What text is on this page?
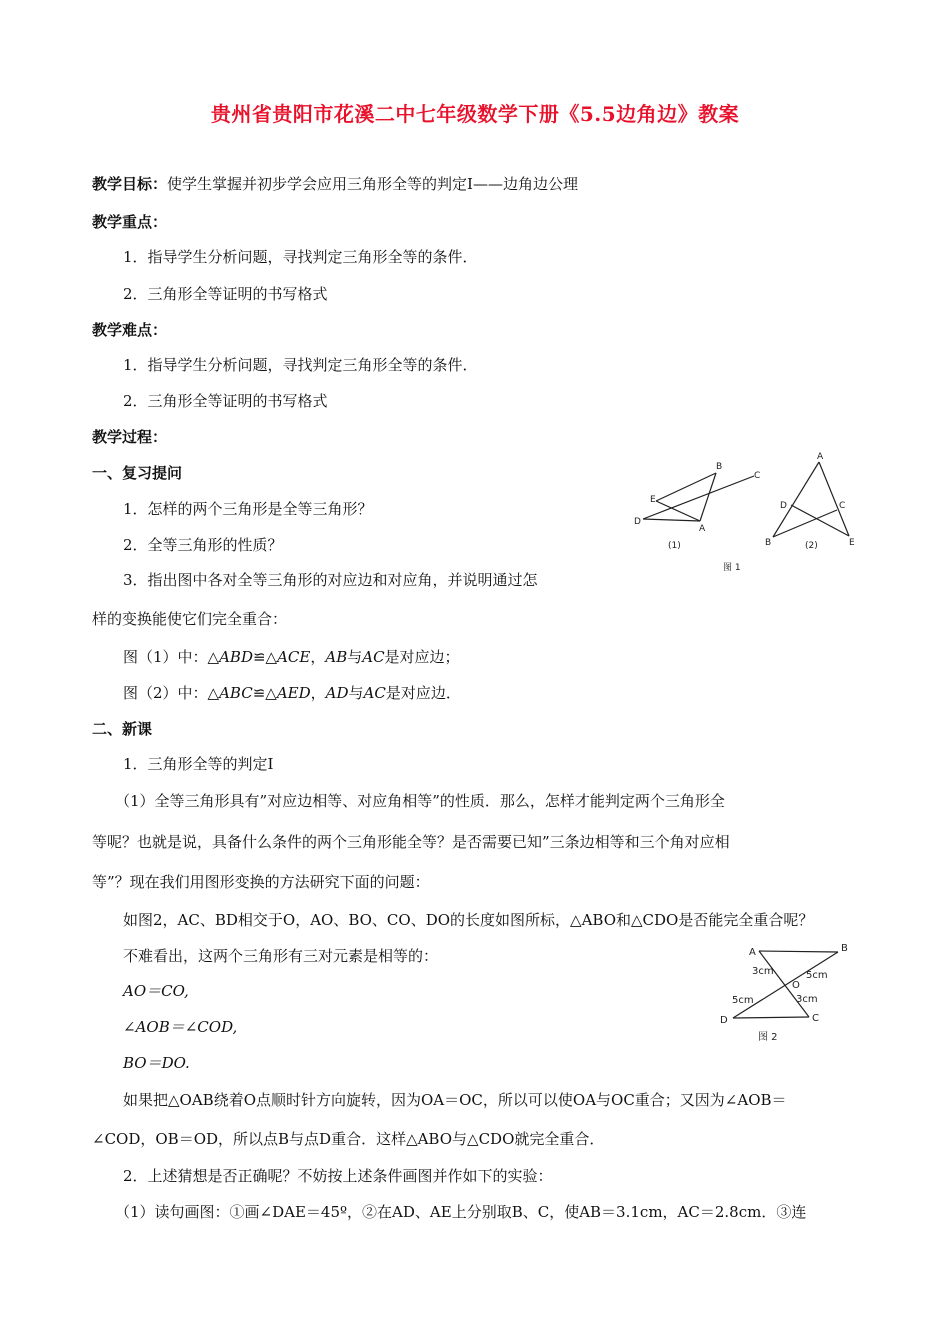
贵州省贵阳市花溪二中七年级数学下册《5.5边角边》教案
教学目标：使学生掌握并初步学会应用三角形全等的判定Ⅰ——边角边公理
教学重点：
1．指导学生分析问题，寻找判定三角形全等的条件．
2．三角形全等证明的书写格式
教学难点：
1．指导学生分析问题，寻找判定三角形全等的条件．
2．三角形全等证明的书写格式
教学过程：
一、复习提问
1．怎样的两个三角形是全等三角形？
2．全等三角形的性质？
3．指出图中各对全等三角形的对应边和对应角，并说明通过怎
样的变换能使它们完全重合：
图（1）中：△ABD≌△ACE，AB与AC是对应边；
图（2）中：△ABC≌△AED，AD与AC是对应边．
二、新课
1．三角形全等的判定Ⅰ
（1）全等三角形具有”对应边相等、对应角相等”的性质．那么，怎样才能判定两个三角形全
等呢？也就是说，具备什么条件的两个三角形能全等？是否需要已知”三条边相等和三个角对应相
等”？现在我们用图形变换的方法研究下面的问题：
如图2，AC、BD相交于O，AO、BO、CO、DO的长度如图所标，△ABO和△CDO是否能完全重合呢？
不难看出，这两个三角形有三对元素是相等的：
AO＝CO,
∠AOB＝∠COD,
BO＝DO.
如果把△OAB绕着O点顺时针方向旋转，因为OA＝OC，所以可以使OA与OC重合；又因为∠AOB＝
∠COD，OB＝OD，所以点B与点D重合．这样△ABO与△CDO就完全重合．
2．上述猜想是否正确呢？不妨按上述条件画图并作如下的实验：
（1）读句画图：①画∠DAE＝45º，②在AD、AE上分别取B、C，使AB＝3.1cm，AC＝2.8cm．③连
E
D
B
C
A
(1)
A
D	C
B	E
(2)
图 1
A	B
O
D	C
3cm	5cm
3cm
5cm
图 2
